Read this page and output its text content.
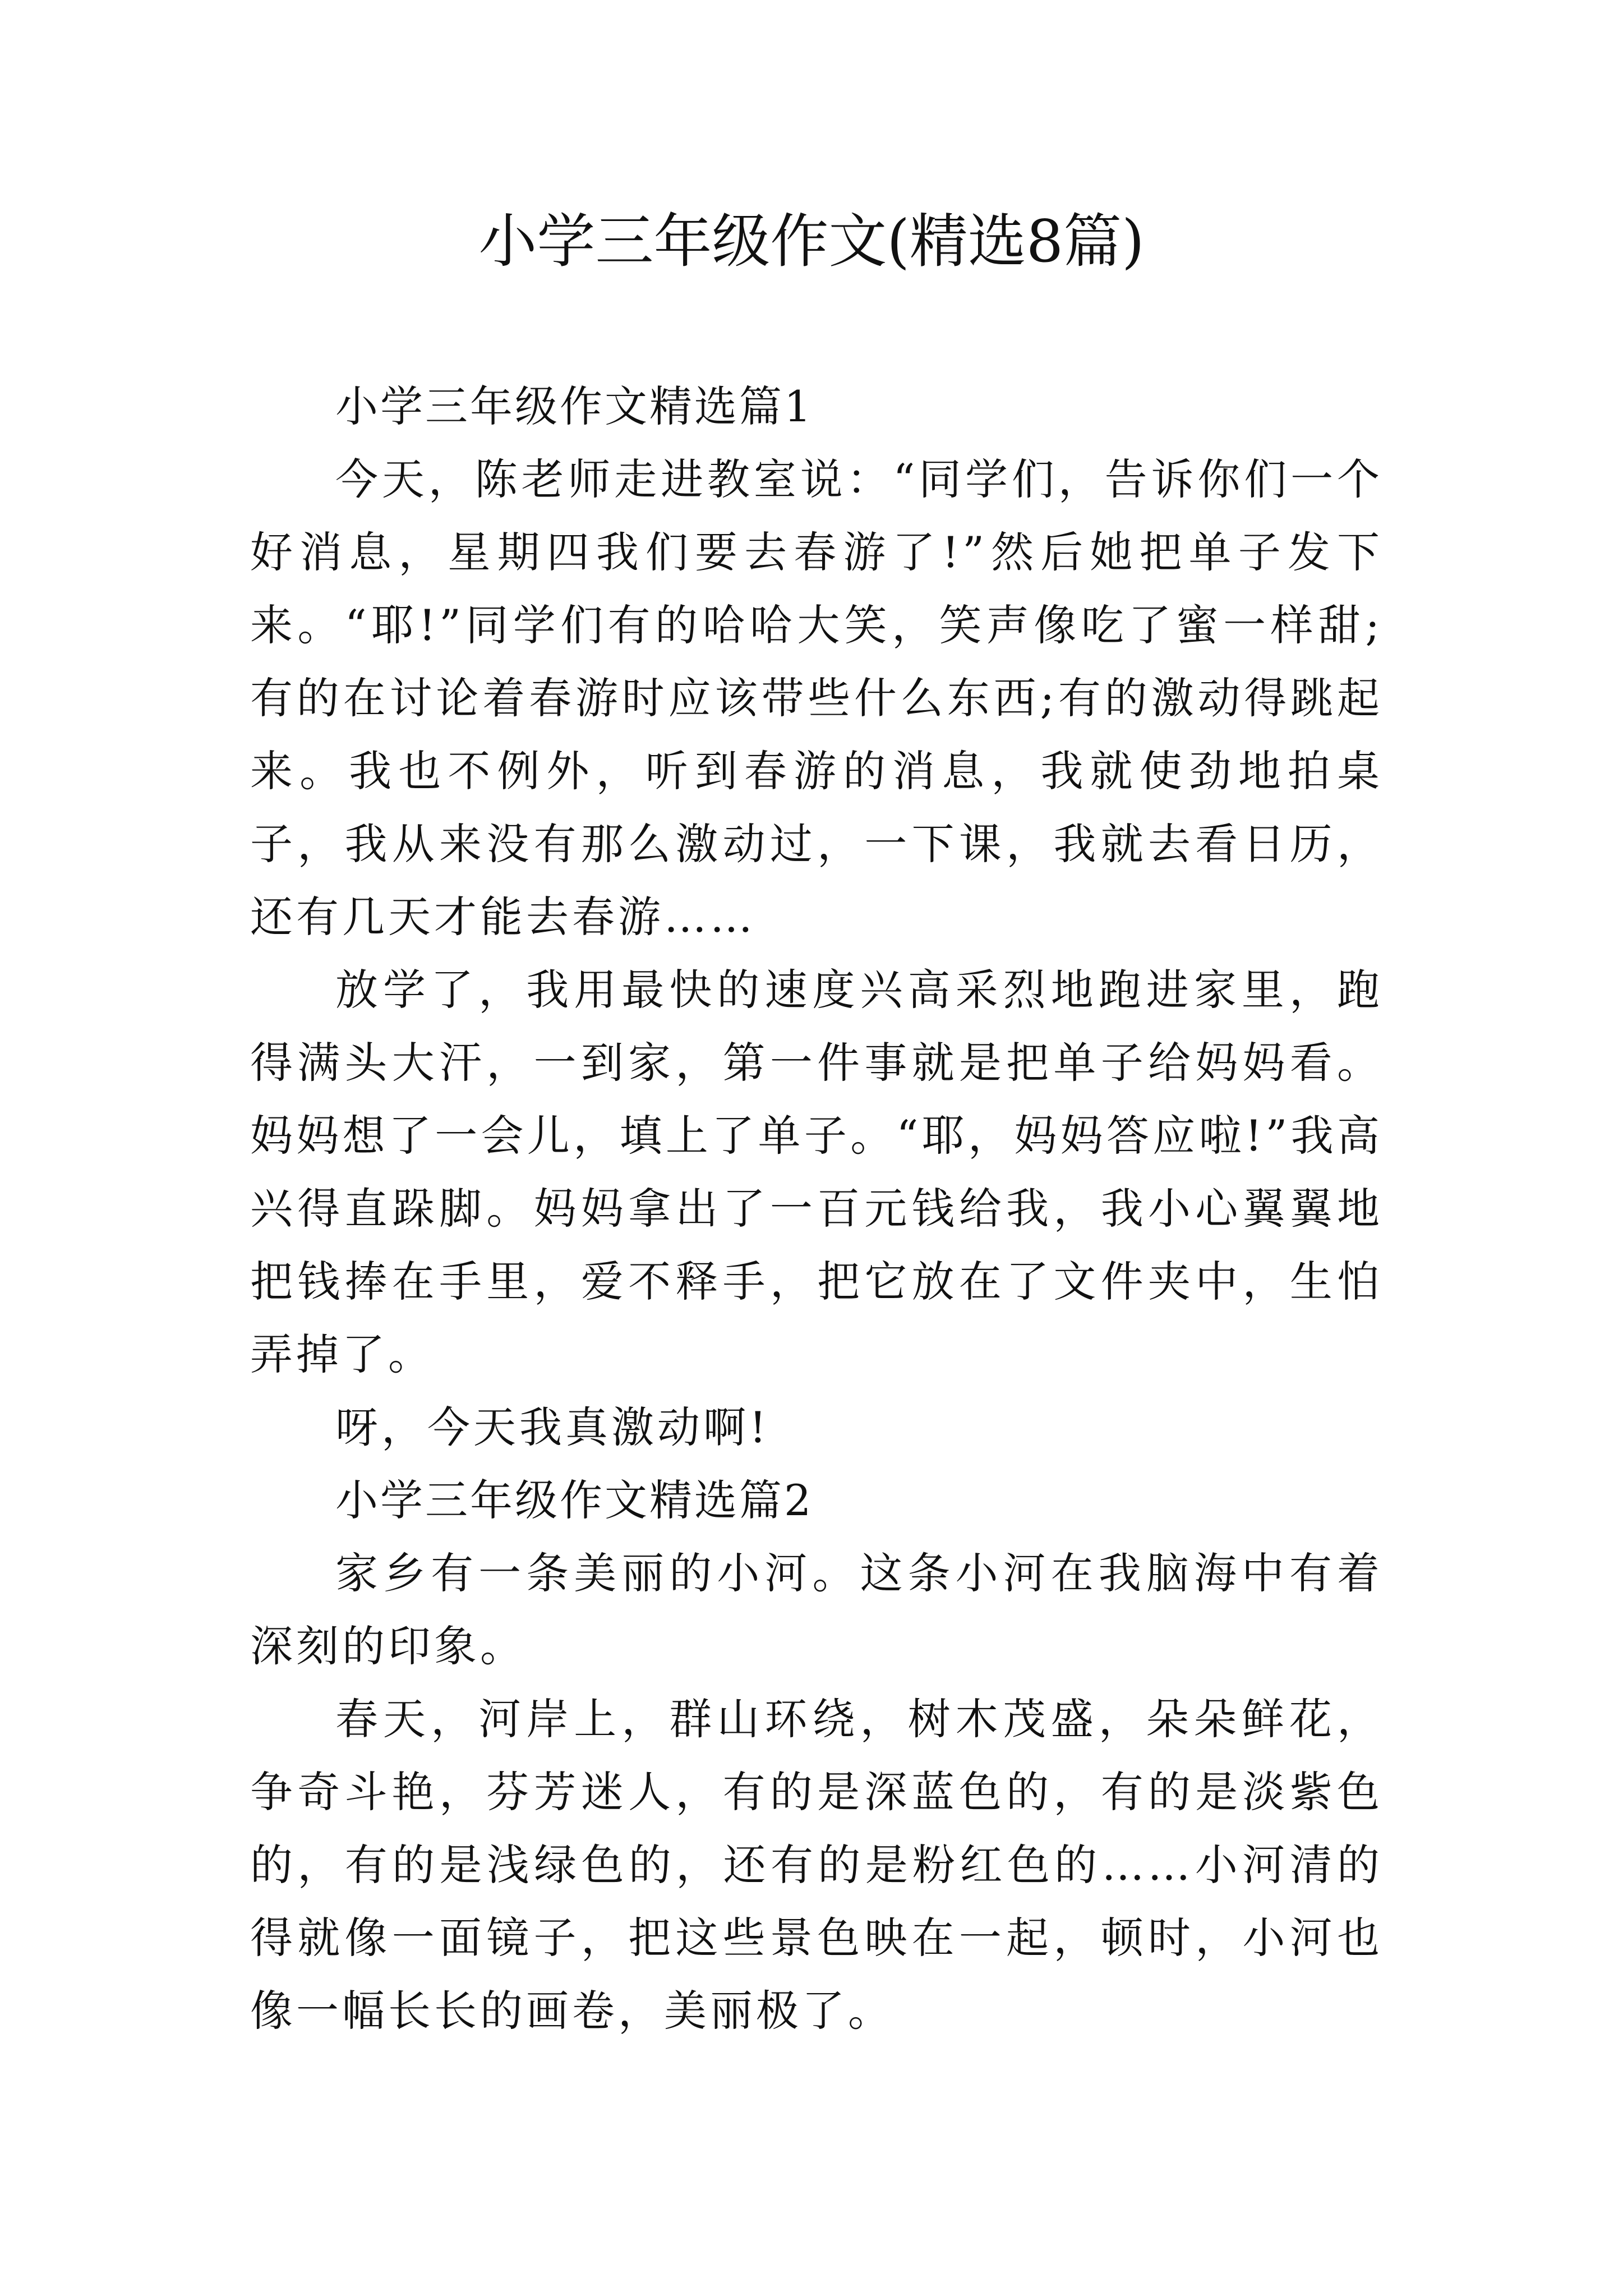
小学三年级作文(精选8篇)

小学三年级作文精选篇1

今天，陈老师走进教室说：“同学们，告诉你们一个好消息，星期四我们要去春游了!”然后她把单子发下来。“耶!”同学们有的哈哈大笑，笑声像吃了蜜一样甜;有的在讨论着春游时应该带些什么东西;有的激动得跳起来。我也不例外，听到春游的消息，我就使劲地拍桌子，我从来没有那么激动过，一下课，我就去看日历，还有几天才能去春游……

放学了，我用最快的速度兴高采烈地跑进家里，跑得满头大汗，一到家，第一件事就是把单子给妈妈看。妈妈想了一会儿，填上了单子。“耶，妈妈答应啦!”我高兴得直跺脚。妈妈拿出了一百元钱给我，我小心翼翼地把钱捧在手里，爱不释手，把它放在了文件夹中，生怕弄掉了。

呀，今天我真激动啊!

小学三年级作文精选篇2

家乡有一条美丽的小河。这条小河在我脑海中有着深刻的印象。

春天，河岸上，群山环绕，树木茂盛，朵朵鲜花，争奇斗艳，芬芳迷人，有的是深蓝色的，有的是淡紫色的，有的是浅绿色的，还有的是粉红色的……小河清的得就像一面镜子，把这些景色映在一起，顿时，小河也像一幅长长的画卷，美丽极了。
